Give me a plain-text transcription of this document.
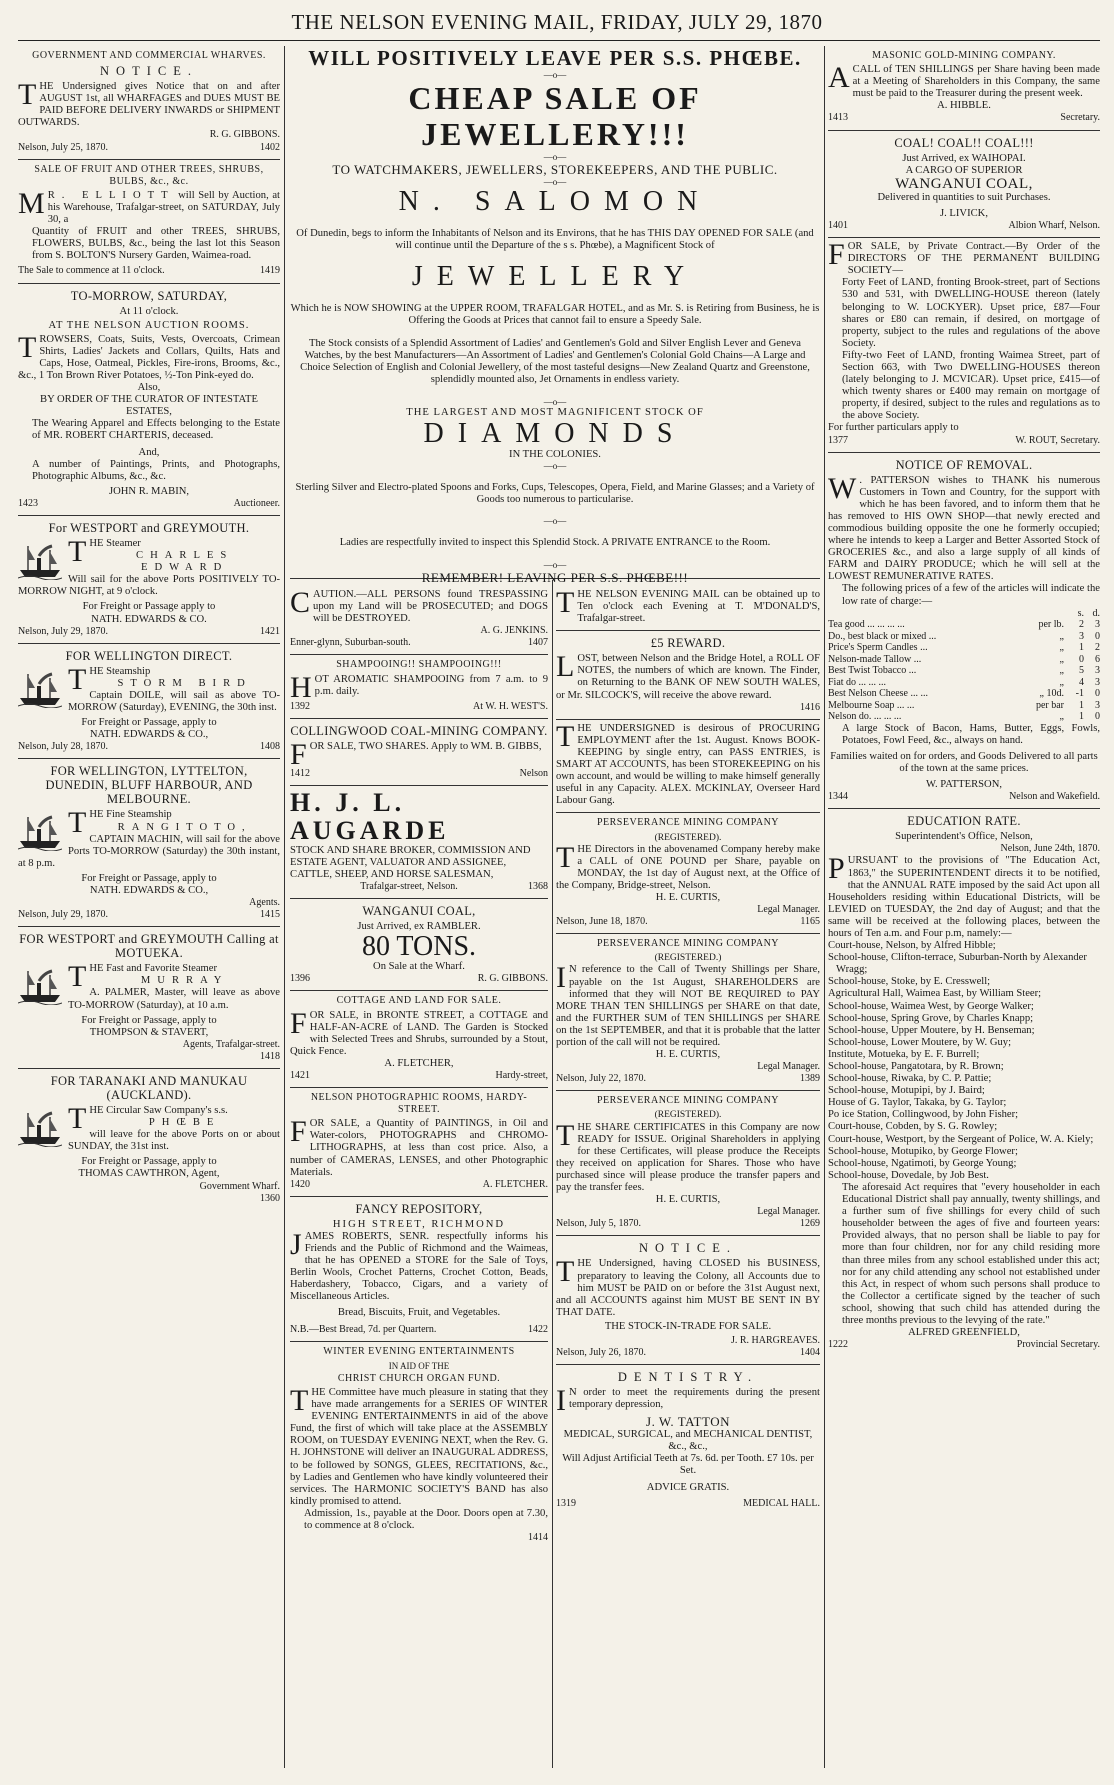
THE NELSON EVENING MAIL, FRIDAY, JULY 29, 1870
GOVERNMENT AND COMMERCIAL WHARVES.
NOTICE.

THE Undersigned gives Notice that on and after AUGUST 1st, all WHARFAGES and DUES MUST BE PAID BEFORE DELIVERY INWARDS or SHIPMENT OUTWARDS.

R. G. GIBBONS.
Nelson, July 25, 1870.	1402
SALE OF FRUIT AND OTHER TREES, SHRUBS, BULBS, &c., &c.

M R. ELLIOTT will Sell by Auction, at his Warehouse, Trafalgar-street, on SATURDAY, July 30, a

Quantity of FRUIT and other TREES, SHRUBS, FLOWERS, BULBS, &c., being the last lot this Season from S. BOLTON'S Nursery Garden, Waimea-road.

The Sale to commence at 11 o'clock.	1419
TO-MORROW, SATURDAY,
At 11 o'clock.
AT THE NELSON AUCTION ROOMS.

TROWSERS, Coats, Suits, Vests, Overcoats, Crimean Shirts, Ladies' Jackets and Collars, Quilts, Hats and Caps, Hose, Oatmeal, Pickles, Fire-irons, Brooms, &c., &c., 1 Ton Brown River Potatoes, ½-Ton Pink-eyed do.

Also,
BY ORDER OF THE CURATOR OF INTESTATE ESTATES,

The Wearing Apparel and Effects belonging to the Estate of MR. ROBERT CHARTERIS, deceased.

And,

A number of Paintings, Prints, and Photographs, Photographic Albums, &c., &c.

JOHN R. MABIN,
1423	Auctioneer.
For WESTPORT and GREYMOUTH.

THE Steamer

CHARLES EDWARD

Will sail for the above Ports POSITIVELY TO-MORROW NIGHT, at 9 o'clock.

For Freight or Passage apply to
NATH. EDWARDS & CO.
Nelson, July 29, 1870.	1421
FOR WELLINGTON DIRECT.

THE Steamship

STORM BIRD

Captain DOILE, will sail as above TO-MORROW (Saturday), EVENING, the 30th inst.

For Freight or Passage, apply to
NATH. EDWARDS & CO.,
Nelson, July 28, 1870.	1408
FOR WELLINGTON, LYTTELTON, DUNEDIN, BLUFF HARBOUR, AND MELBOURNE.

THE Fine Steamship

RANGITOTO,

CAPTAIN MACHIN, will sail for the above Ports TO-MORROW (Saturday) the 30th instant, at 8 p.m.

For Freight or Passage, apply to
NATH. EDWARDS & CO.,
Agents.
Nelson, July 29, 1870.	1415
FOR WESTPORT and GREYMOUTH Calling at MOTUEKA.

THE Fast and Favorite Steamer

MURRAY

A. PALMER, Master, will leave as above TO-MORROW (Saturday), at 10 a.m.

For Freight or Passage, apply to
THOMPSON & STAVERT,
Agents, Trafalgar-street.
1418
FOR TARANAKI AND MANUKAU (AUCKLAND).

THE Circular Saw Company's s.s.

PHŒBE

will leave for the above Ports on or about SUNDAY, the 31st inst.

For Freight or Passage, apply to
THOMAS CAWTHRON, Agent,
Government Wharf.
1360
WILL POSITIVELY LEAVE PER S.S. PHŒBE.
—o—
CHEAP SALE OF JEWELLERY!!!
—o—
TO WATCHMAKERS, JEWELLERS, STOREKEEPERS, AND THE PUBLIC.
—o—
N. SALOMON

Of Dunedin, begs to inform the Inhabitants of Nelson and its Environs, that he has THIS DAY OPENED FOR SALE (and will continue until the Departure of the s s. Phœbe), a Magnificent Stock of

JEWELLERY

Which he is NOW SHOWING at the UPPER ROOM, TRAFALGAR HOTEL, and as Mr. S. is Retiring from Business, he is Offering the Goods at Prices that cannot fail to ensure a Speedy Sale.

The Stock consists of a Splendid Assortment of Ladies' and Gentlemen's Gold and Silver English Lever and Geneva Watches, by the best Manufacturers—An Assortment of Ladies' and Gentlemen's Colonial Gold Chains—A Large and Choice Selection of English and Colonial Jewellery, of the most tasteful designs—New Zealand Quartz and Greenstone, splendidly mounted also, Jet Ornaments in endless variety.

—o—
THE LARGEST AND MOST MAGNIFICENT STOCK OF
DIAMONDS
IN THE COLONIES.
—o—

Sterling Silver and Electro-plated Spoons and Forks, Cups, Telescopes, Opera, Field, and Marine Glasses; and a Variety of Goods too numerous to particularise.

—o—

Ladies are respectfully invited to inspect this Splendid Stock. A PRIVATE ENTRANCE to the Room.

—o—
REMEMBER! LEAVING PER S.S. PHŒBE!!!

CAUTION.—ALL PERSONS found TRESPASSING upon my Land will be PROSECUTED; and DOGS will be DESTROYED.

A. G. JENKINS.
Enner-glynn, Suburban-south.	1407
SHAMPOOING!! SHAMPOOING!!!

HOT AROMATIC SHAMPOOING from 7 a.m. to 9 p.m. daily.

1392	At W. H. WEST'S.
COLLINGWOOD COAL-MINING COMPANY.

FOR SALE, TWO SHARES. Apply to WM. B. GIBBS,

1412	Nelson
H. J. L. AUGARDE
STOCK AND SHARE BROKER, COMMISSION AND ESTATE AGENT, VALUATOR AND ASSIGNEE, CATTLE, SHEEP, AND HORSE SALESMAN,
Trafalgar-street, Nelson.	1368
WANGANUI COAL,
Just Arrived, ex RAMBLER.
80 TONS.
On Sale at the Wharf.
1396	R. G. GIBBONS.
COTTAGE AND LAND FOR SALE.

FOR SALE, in BRONTE STREET, a COTTAGE and HALF-AN-ACRE of LAND. The Garden is Stocked with Selected Trees and Shrubs, surrounded by a Stout, Quick Fence.

A. FLETCHER,
1421	Hardy-street,
NELSON PHOTOGRAPHIC ROOMS, HARDY-STREET.

FOR SALE, a Quantity of PAINTINGS, in Oil and Water-colors, PHOTOGRAPHS and CHROMO-LITHOGRAPHS, at less than cost price. Also, a number of CAMERAS, LENSES, and other Photographic Materials.

1420	A. FLETCHER.
FANCY REPOSITORY,
HIGH STREET, RICHMOND

JAMES ROBERTS, SENR. respectfully informs his Friends and the Public of Richmond and the Waimeas, that he has OPENED a STORE for the Sale of Toys, Berlin Wools, Crochet Patterns, Crochet Cotton, Beads, Haberdashery, Tobacco, Cigars, and a variety of Miscellaneous Articles.

Bread, Biscuits, Fruit, and Vegetables.
N.B.—Best Bread, 7d. per Quartern.	1422
WINTER EVENING ENTERTAINMENTS
IN AID OF THE
CHRIST CHURCH ORGAN FUND.

THE Committee have much pleasure in stating that they have made arrangements for a SERIES OF WINTER EVENING ENTERTAINMENTS in aid of the above Fund, the first of which will take place at the ASSEMBLY ROOM, on TUESDAY EVENING NEXT, when the Rev. G. H. JOHNSTONE will deliver an INAUGURAL ADDRESS, to be followed by SONGS, GLEES, RECITATIONS, &c., by Ladies and Gentlemen who have kindly volunteered their services. The HARMONIC SOCIETY'S BAND has also kindly promised to attend.

Admission, 1s., payable at the Door. Doors open at 7.30, to commence at 8 o'clock.

1414

THE NELSON EVENING MAIL can be obtained up to Ten o'clock each Evening at T. M'DONALD'S, Trafalgar-street.

£5 REWARD.

LOST, between Nelson and the Bridge Hotel, a ROLL OF NOTES, the numbers of which are known. The Finder, on Returning to the BANK OF NEW SOUTH WALES, or Mr. SILCOCK'S, will receive the above reward.

1416

THE UNDERSIGNED is desirous of PROCURING EMPLOYMENT after the 1st. August. Knows BOOK-KEEPING by single entry, can PASS ENTRIES, is SMART AT ACCOUNTS, has been STOREKEEPING on his own account, and would be willing to make himself generally useful in any Capacity. ALEX. MCKINLAY, Overseer Hard Labour Gang.

PERSEVERANCE MINING COMPANY
(REGISTERED).

THE Directors in the abovenamed Company hereby make a CALL of ONE POUND per Share, payable on MONDAY, the 1st day of August next, at the Office of the Company, Bridge-street, Nelson.

H. E. CURTIS,
Legal Manager.
Nelson, June 18, 1870.	1165
PERSEVERANCE MINING COMPANY
(REGISTERED.)

I N reference to the Call of Twenty Shillings per Share, payable on the 1st August, SHAREHOLDERS are informed that they will NOT BE REQUIRED to PAY MORE THAN TEN SHILLINGS per SHARE on that date, and the FURTHER SUM of TEN SHILLINGS per SHARE on the 1st SEPTEMBER, and that it is probable that the latter portion of the call will not be required.

H. E. CURTIS,
Legal Manager.
Nelson, July 22, 1870.	1389
PERSEVERANCE MINING COMPANY
(REGISTERED).

THE SHARE CERTIFICATES in this Company are now READY for ISSUE. Original Shareholders in applying for these Certificates, will please produce the Receipts they received on application for Shares. Those who have purchased since will please produce the transfer papers and pay the transfer fees.

H. E. CURTIS,
Legal Manager.
Nelson, July 5, 1870.	1269
NOTICE.

THE Undersigned, having CLOSED his BUSINESS, preparatory to leaving the Colony, all Accounts due to him MUST be PAID on or before the 31st August next, and all ACCOUNTS against him MUST BE SENT IN BY THAT DATE.

THE STOCK-IN-TRADE FOR SALE.
J. R. HARGREAVES.
Nelson, July 26, 1870.	1404
DENTISTRY.

I N order to meet the requirements during the present temporary depression,

J. W. TATTON
MEDICAL, SURGICAL, and MECHANICAL DENTIST, &c., &c.,
Will Adjust Artificial Teeth at 7s. 6d. per Tooth. £7 10s. per Set.
ADVICE GRATIS.
1319	MEDICAL HALL.
MASONIC GOLD-MINING COMPANY.

ACALL of TEN SHILLINGS per Share having been made at a Meeting of Shareholders in this Company, the same must be paid to the Treasurer during the present week.

A. HIBBLE.
1413	Secretary.
COAL! COAL!! COAL!!!
Just Arrived, ex WAIHOPAI.
A CARGO OF SUPERIOR
WANGANUI COAL,
Delivered in quantities to suit Purchases.
J. LIVICK,
1401	Albion Wharf, Nelson.

FOR SALE, by Private Contract.—By Order of the DIRECTORS OF THE PERMANENT BUILDING SOCIETY—

Forty Feet of LAND, fronting Brook-street, part of Sections 530 and 531, with DWELLING-HOUSE thereon (lately belonging to W. LOCKYER). Upset price, £87—Four shares or £80 can remain, if desired, on mortgage of property, subject to the rules and regulations of the above Society.

Fifty-two Feet of LAND, fronting Waimea Street, part of Section 663, with Two DWELLING-HOUSES thereon (lately belonging to J. MCVICAR). Upset price, £415—of which twenty shares or £400 may remain on mortgage of property, if desired, subject to the rules and regulations as to the above Society.

For further particulars apply to
1377	W. ROUT, Secretary.
NOTICE OF REMOVAL.

W . PATTERSON wishes to THANK his numerous Customers in Town and Country, for the support with which he has been favored, and to inform them that he has removed to HIS OWN SHOP—that newly erected and commodious building opposite the one he formerly occupied; where he intends to keep a Larger and Better Assorted Stock of GROCERIES &c., and also a large supply of all kinds of FARM and DAIRY PRODUCE; which he will sell at the LOWEST REMUNERATIVE RATES.

The following prices of a few of the articles will indicate the low rate of charge:—

		s.	d.
Tea good ... ... ... ...	per lb.	2	3
Do., best black or mixed ...	„	3	0
Price's Sperm Candles ...	„	1	2
Nelson-made Tallow ...	„	0	6
Best Twist Tobacco ...	„	5	3
Fiat do ... ... ...	„	4	3
Best Nelson Cheese ... ...	„ 10d.	-1	0
Melbourne Soap ... ...	per bar	1	3
Nelson do. ... ... ...	„	1	0

A large Stock of Bacon, Hams, Butter, Eggs, Fowls, Potatoes, Fowl Feed, &c., always on hand.

Families waited on for orders, and Goods Delivered to all parts of the town at the same prices.

W. PATTERSON,
1344	Nelson and Wakefield.
EDUCATION RATE.
Superintendent's Office, Nelson,
Nelson, June 24th, 1870.

PURSUANT to the provisions of "The Education Act, 1863," the SUPERINTENDENT directs it to be notified, that the ANNUAL RATE imposed by the said Act upon all Householders residing within Educational Districts, will be LEVIED on TUESDAY, the 2nd day of August; and that the same will be received at the following places, between the hours of Ten a.m. and Four p.m, namely:—

Court-house, Nelson, by Alfred Hibble;
School-house, Clifton-terrace, Suburban-North by Alexander Wragg;
School-house, Stoke, by E. Cresswell;
Agricultural Hall, Waimea East, by William Steer;
School-house, Waimea West, by George Walker;
School-house, Spring Grove, by Charles Knapp;
School-house, Upper Moutere, by H. Benseman;
School-house, Lower Moutere, by W. Guy;
Institute, Motueka, by E. F. Burrell;
School-house, Pangatotara, by R. Brown;
School-house, Riwaka, by C. P. Pattie;
School-house, Motupipi, by J. Baird;
House of G. Taylor, Takaka, by G. Taylor;
Po ice Station, Collingwood, by John Fisher;
Court-house, Cobden, by S. G. Rowley;
Court-house, Westport, by the Sergeant of Police, W. A. Kiely;
School-house, Motupiko, by George Flower;
School-house, Ngatimoti, by George Young;
School-house, Dovedale, by Job Best.

The aforesaid Act requires that "every householder in each Educational District shall pay annually, twenty shillings, and a further sum of five shillings for every child of such householder between the ages of five and fourteen years: Provided always, that no person shall be liable to pay for more than four children, nor for any child residing more than three miles from any school established under this act; nor for any child attending any school not established under this Act, in respect of whom such persons shall produce to the Collector a certificate signed by the teacher of such school, showing that such child has attended during the three months previous to the levying of the rate."

ALFRED GREENFIELD,
1222	Provincial Secretary.
